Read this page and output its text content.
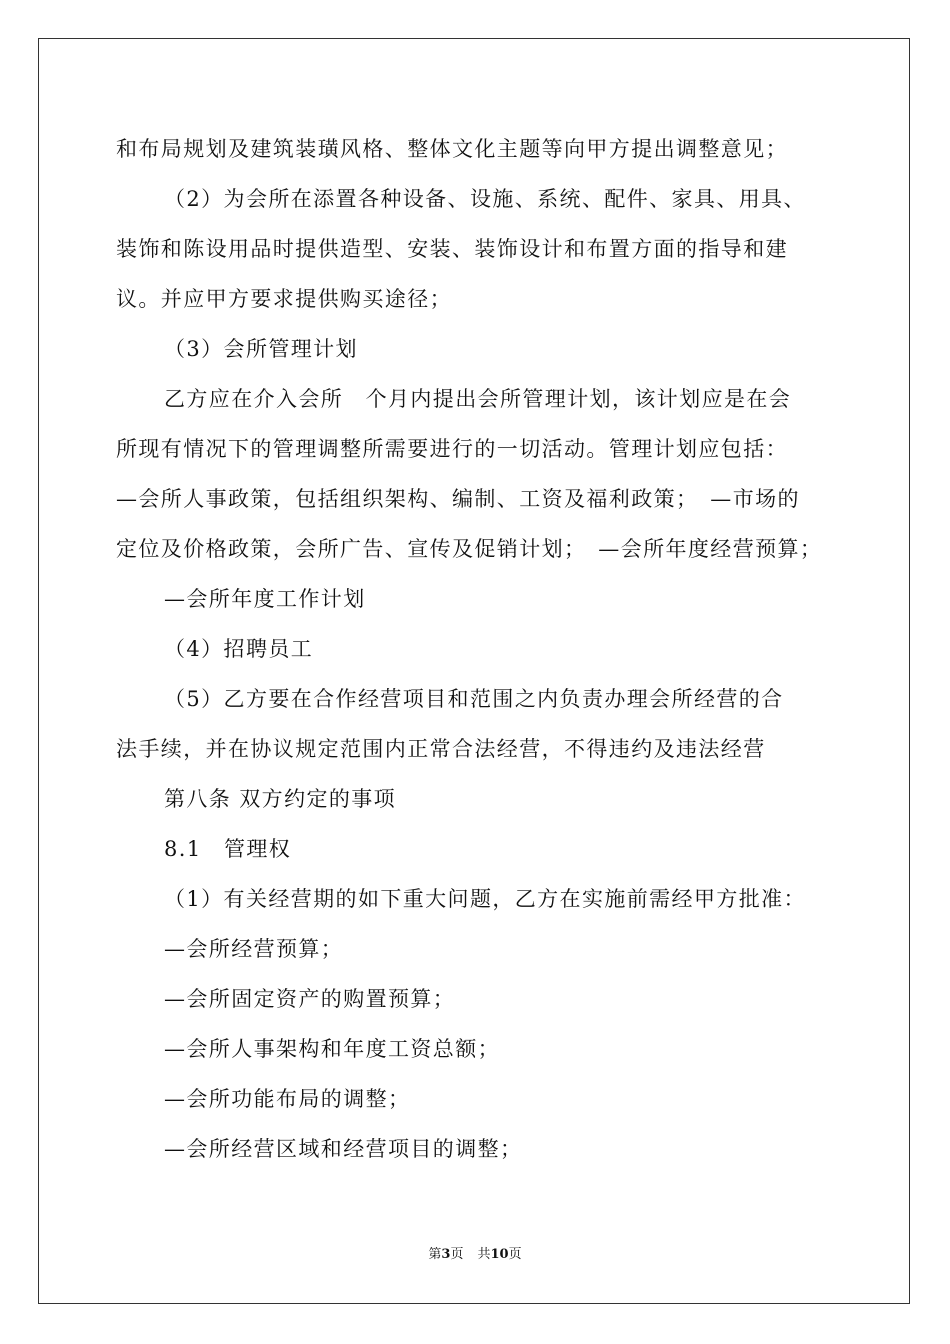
和布局规划及建筑装璜风格、整体文化主题等向甲方提出调整意见；
（2）为会所在添置各种设备、设施、系统、配件、家具、用具、
装饰和陈设用品时提供造型、安装、装饰设计和布置方面的指导和建
议。并应甲方要求提供购买途径；
（3）会所管理计划
乙方应在介入会所　个月内提出会所管理计划，该计划应是在会
所现有情况下的管理调整所需要进行的一切活动。管理计划应包括：
—会所人事政策，包括组织架构、编制、工资及福利政策；　—市场的
定位及价格政策，会所广告、宣传及促销计划；　—会所年度经营预算；
—会所年度工作计划
（4）招聘员工
（5）乙方要在合作经营项目和范围之内负责办理会所经营的合
法手续，并在协议规定范围内正常合法经营，不得违约及违法经营
第八条 双方约定的事项
8.1　管理权
（1）有关经营期的如下重大问题，乙方在实施前需经甲方批准：
—会所经营预算；
—会所固定资产的购置预算；
—会所人事架构和年度工资总额；
—会所功能布局的调整；
—会所经营区域和经营项目的调整；
第3页 共10页
